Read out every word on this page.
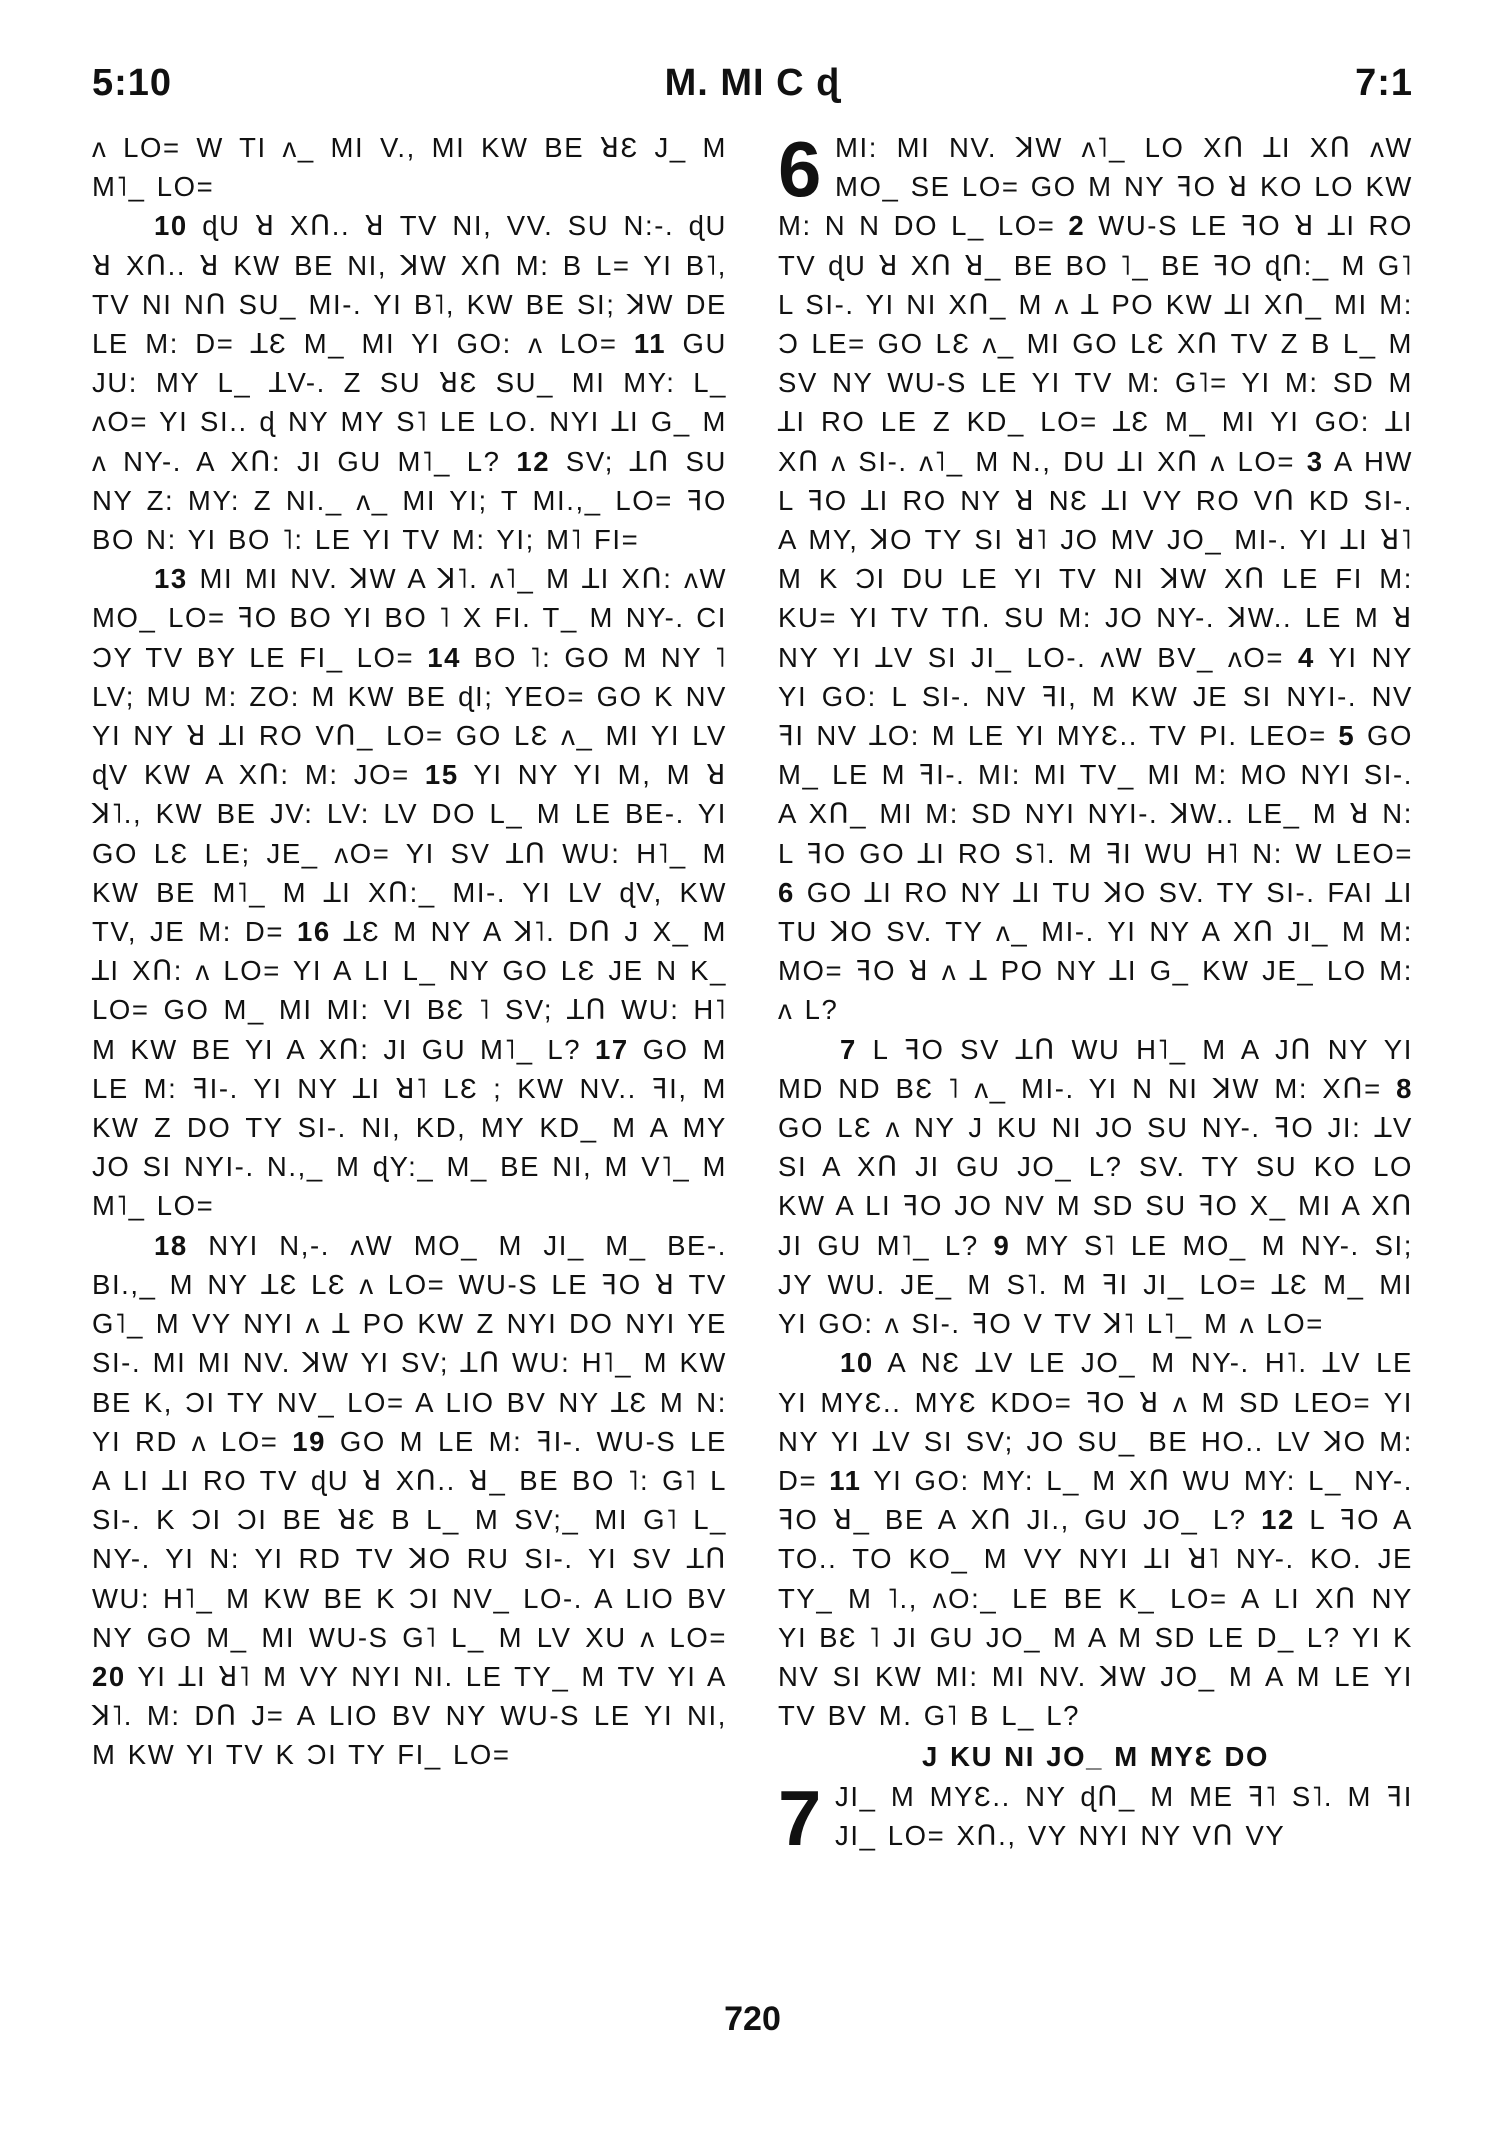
5:10	M. MI C ɖ	7:1

ʌ LO= W TI ʌ_ MI V., MI KW BE ꓤƐ J_ M M˥_ LO=

10 ɖU ꓤ XՈ.. ꓤ TV NI, VV. SU N:-. ɖU ꓤ XՈ.. ꓤ KW BE NI, ꓘW XՈ M: B L= YI B˥, TV NI NՈ SU_ MI-. YI B˥, KW BE SI; ꓘW DE LE M: D= ꓕƐ M_ MI YI GO: ʌ LO= 11 GU JU: MY L_ ꓕV-. Z SU ꓤƐ SU_ MI MY: L_ ʌO= YI SI.. ɖ NY MY S˥ LE LO. NYI ꓕI G_ M ʌ NY-. A XՈ: JI GU M˥_ L? 12 SV; ꓕՈ SU NY Z: MY: Z NI._ ʌ_ MI YI; T MI.,_ LO= ꟻO BO N: YI BO ˥: LE YI TV M: YI; M˥ FI=

13 MI MI NV. ꓘW A ꓘ˥. ʌ˥_ M ꓕI XՈ: ʌW MO_ LO= ꟻO BO YI BO ˥ X FI. T_ M NY-. CI ƆY TV BY LE FI_ LO= 14 BO ˥: GO M NY ˥ LV; MU M: ZO: M KW BE ɖI; YEO= GO K NV YI NY ꓤ ꓕI RO VՈ_ LO= GO LƐ ʌ_ MI YI LV ɖV KW A XՈ: M: JO= 15 YI NY YI M, M ꓤ ꓘ˥., KW BE JV: LV: LV DO L_ M LE BE-. YI GO LƐ LE; JE_ ʌO= YI SV ꓕՈ WU: H˥_ M KW BE M˥_ M ꓕI XՈ:_ MI-. YI LV ɖV, KW TV, JE M: D= 16 ꓕƐ M NY A ꓘ˥. DՈ J X_ M ꓕI XՈ: ʌ LO= YI A LI L_ NY GO LƐ JE N K_ LO= GO M_ MI MI: VI BƐ ˥ SV; ꓕՈ WU: H˥ M KW BE YI A XՈ: JI GU M˥_ L? 17 GO M LE M: ꟻI-. YI NY ꓕI ꓤ˥ LƐ ; KW NV.. ꟻI, M KW Z DO TY SI-. NI, KD, MY KD_ M A MY JO SI NYI-. N.,_ M ɖY:_ M_ BE NI, M V˥_ M M˥_ LO=

18 NYI N,-. ʌW MO_ M JI_ M_ BE-. BI.,_ M NY ꓕƐ LƐ ʌ LO= WU-S LE ꟻO ꓤ TV G˥_ M VY NYI ʌ ꓕ PO KW Z NYI DO NYI YE SI-. MI MI NV. ꓘW YI SV; ꓕՈ WU: H˥_ M KW BE K, ƆI TY NV_ LO= A LIO BV NY ꓕƐ M N: YI RD ʌ LO= 19 GO M LE M: ꟻI-. WU-S LE A LI ꓕI RO TV ɖU ꓤ XՈ.. ꓤ_ BE BO ˥: G˥ L SI-. K ƆI ƆI BE ꓤƐ B L_ M SV;_ MI G˥ L_ NY-. YI N: YI RD TV ꓘO RU SI-. YI SV ꓕՈ WU: H˥_ M KW BE K ƆI NV_ LO-. A LIO BV NY GO M_ MI WU-S G˥ L_ M LV XU ʌ LO= 20 YI ꓕI ꓤ˥ M VY NYI NI. LE TY_ M TV YI A ꓘ˥. M: DՈ J= A LIO BV NY WU-S LE YI NI, M KW YI TV K ƆI TY FI_ LO=

6 MI: MI NV. ꓘW ʌ˥_ LO XՈ ꓕI XՈ ʌW MO_ SE LO= GO M NY ꟻO ꓤ KO LO KW M: N N DO L_ LO= 2 WU-S LE ꟻO ꓤ ꓕI RO TV ɖU ꓤ XՈ ꓤ_ BE BO ˥_ BE ꟻO ɖՈ:_ M G˥ L SI-. YI NI XՈ_ M ʌ ꓕ PO KW ꓕI XՈ_ MI M: Ɔ LE= GO LƐ ʌ_ MI GO LƐ XՈ TV Z B L_ M SV NY WU-S LE YI TV M: G˥= YI M: SD M ꓕI RO LE Z KD_ LO= ꓕƐ M_ MI YI GO: ꓕI XՈ ʌ SI-. ʌ˥_ M N., DU ꓕI XՈ ʌ LO= 3 A HW L ꟻO ꓕI RO NY ꓤ NƐ ꓕI VY RO VՈ KD SI-. A MY, ꓘO TY SI ꓤ˥ JO MV JO_ MI-. YI ꓕI ꓤ˥ M K ƆI DU LE YI TV NI ꓘW XՈ LE FI M: KU= YI TV TՈ. SU M: JO NY-. ꓘW.. LE M ꓤ NY YI ꓕV SI JI_ LO-. ʌW BV_ ʌO= 4 YI NY YI GO: L SI-. NV ꟻI, M KW JE SI NYI-. NV ꟻI NV ꓕO: M LE YI MYƐ.. TV PI. LEO= 5 GO M_ LE M ꟻI-. MI: MI TV_ MI M: MO NYI SI-. A XՈ_ MI M: SD NYI NYI-. ꓘW.. LE_ M ꓤ N: L ꟻO GO ꓕI RO S˥. M ꟻI WU H˥ N: W LEO= 6 GO ꓕI RO NY ꓕI TU ꓘO SV. TY SI-. FAI ꓕI TU ꓘO SV. TY ʌ_ MI-. YI NY A XՈ JI_ M M: MO= ꟻO ꓤ ʌ ꓕ PO NY ꓕI G_ KW JE_ LO M: ʌ L?

7 L ꟻO SV ꓕՈ WU H˥_ M A JՈ NY YI MD ND BƐ ˥ ʌ_ MI-. YI N NI ꓘW M: XՈ= 8 GO LƐ ʌ NY J KU NI JO SU NY-. ꟻO JI: ꓕV SI A XՈ JI GU JO_ L? SV. TY SU KO LO KW A LI ꟻO JO NV M SD SU ꟻO X_ MI A XՈ JI GU M˥_ L? 9 MY S˥ LE MO_ M NY-. SI; JY WU. JE_ M S˥. M ꟻI JI_ LO= ꓕƐ M_ MI YI GO: ʌ SI-. ꟻO V TV ꓘ˥ L˥_ M ʌ LO=

10 A NƐ ꓕV LE JO_ M NY-. H˥. ꓕV LE YI MYƐ.. MYƐ KDO= ꟻO ꓤ ʌ M SD LEO= YI NY YI ꓕV SI SV; JO SU_ BE HO.. LV ꓘO M: D= 11 YI GO: MY: L_ M XՈ WU MY: L_ NY-. ꟻO ꓤ_ BE A XՈ JI., GU JO_ L? 12 L ꟻO A TO.. TO KO_ M VY NYI ꓕI ꓤ˥ NY-. KO. JE TY_ M ˥., ʌO:_ LE BE K_ LO= A LI XՈ NY YI BƐ ˥ JI GU JO_ M A M SD LE D_ L? YI K NV SI KW MI: MI NV. ꓘW JO_ M A M LE YI TV BV M. G˥ B L_ L?

J KU NI JO_ M MYƐ DO

7 JI_ M MYƐ.. NY ɖՈ_ M ME ꟻ˥ S˥. M ꟻI JI_ LO= XՈ., VY NYI NY VՈ VY

720
